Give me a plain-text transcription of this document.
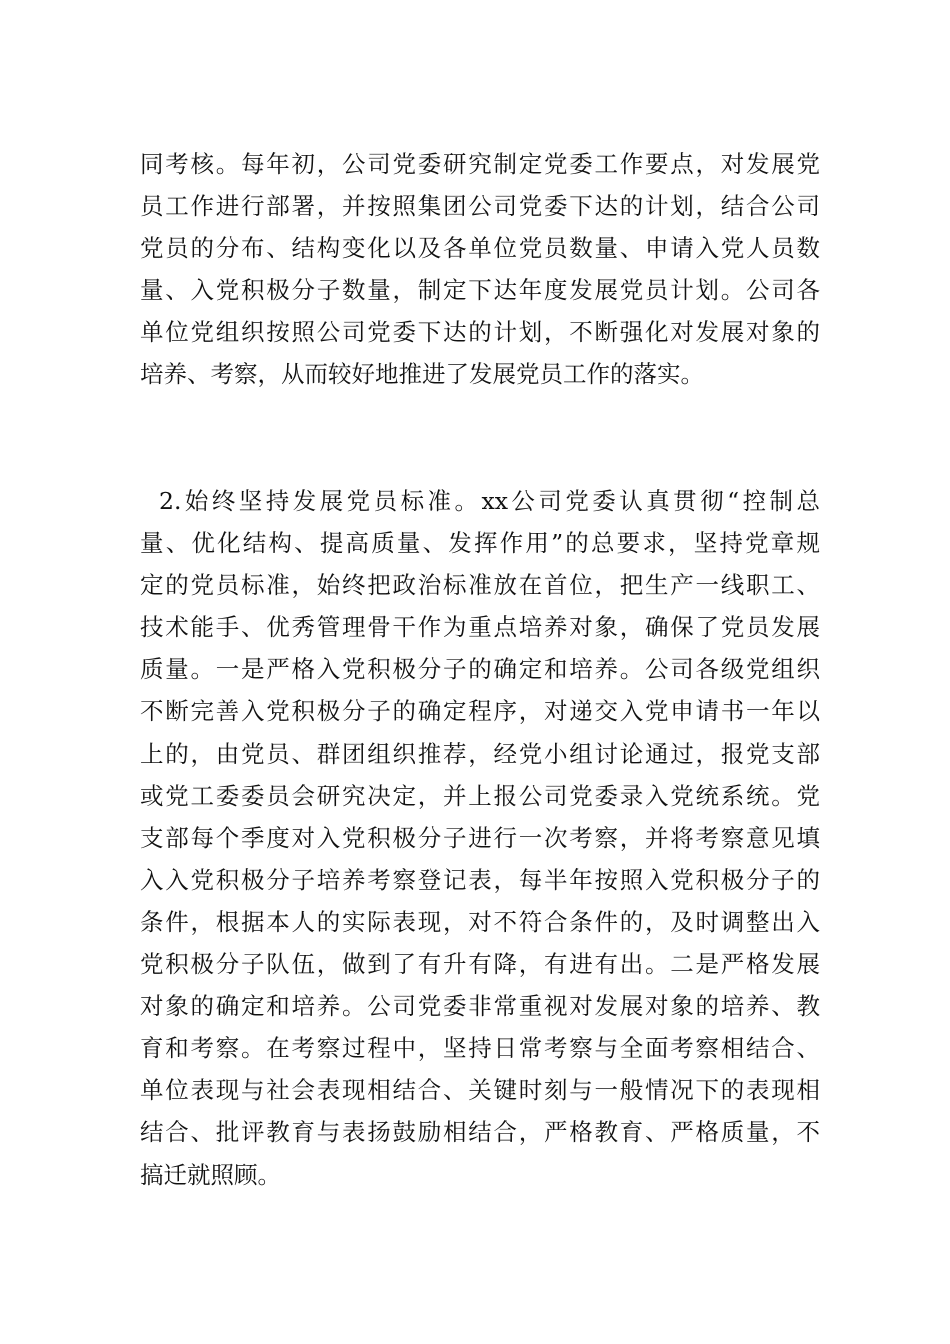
同考核。每年初，公司党委研究制定党委工作要点，对发展党
员工作进行部署，并按照集团公司党委下达的计划，结合公司
党员的分布、结构变化以及各单位党员数量、申请入党人员数
量、入党积极分子数量，制定下达年度发展党员计划。公司各
单位党组织按照公司党委下达的计划，不断强化对发展对象的
培养、考察，从而较好地推进了发展党员工作的落实。
2.始终坚持发展党员标准。xx公司党委认真贯彻“控制总
量、优化结构、提高质量、发挥作用”的总要求，坚持党章规
定的党员标准，始终把政治标准放在首位，把生产一线职工、
技术能手、优秀管理骨干作为重点培养对象，确保了党员发展
质量。一是严格入党积极分子的确定和培养。公司各级党组织
不断完善入党积极分子的确定程序，对递交入党申请书一年以
上的，由党员、群团组织推荐，经党小组讨论通过，报党支部
或党工委委员会研究决定，并上报公司党委录入党统系统。党
支部每个季度对入党积极分子进行一次考察，并将考察意见填
入入党积极分子培养考察登记表，每半年按照入党积极分子的
条件，根据本人的实际表现，对不符合条件的，及时调整出入
党积极分子队伍，做到了有升有降，有进有出。二是严格发展
对象的确定和培养。公司党委非常重视对发展对象的培养、教
育和考察。在考察过程中，坚持日常考察与全面考察相结合、
单位表现与社会表现相结合、关键时刻与一般情况下的表现相
结合、批评教育与表扬鼓励相结合，严格教育、严格质量，不
搞迁就照顾。
